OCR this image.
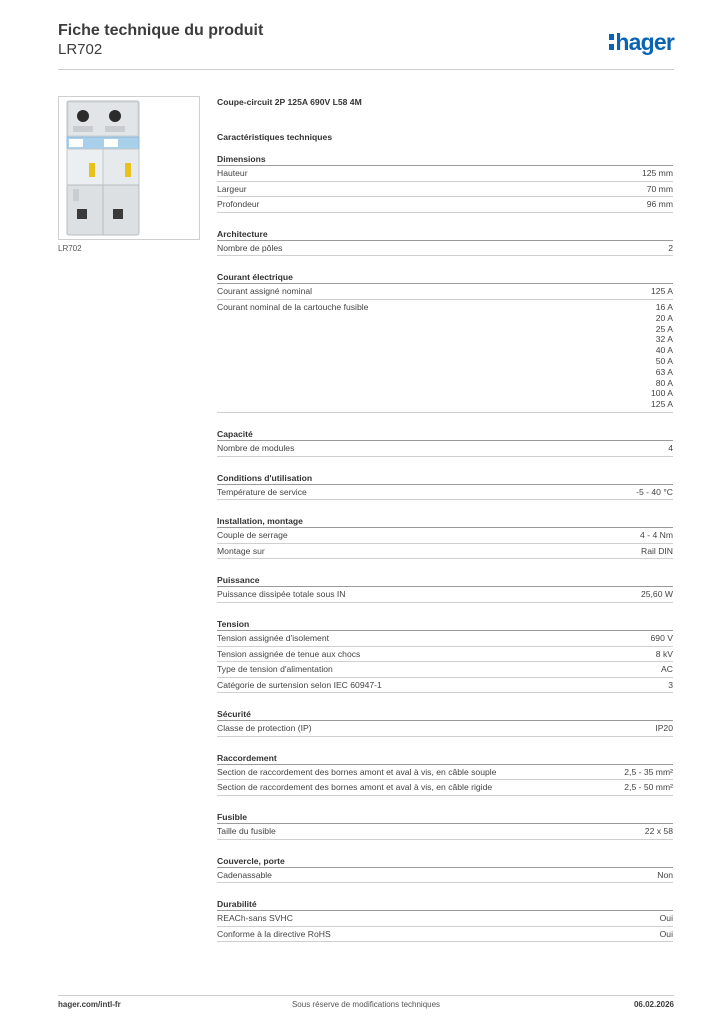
Fiche technique du produit
LR702	hager
LR702
Coupe-circuit 2P 125A 690V L58 4M
Caractéristiques techniques
Dimensions
Hauteur	125 mm
Largeur	70 mm
Profondeur	96 mm
Architecture
Nombre de pôles	2
Courant électrique
Courant assigné nominal	125 A
Courant nominal de la cartouche fusible	16 A
20 A
25 A
32 A
40 A
50 A
63 A
80 A
100 A
125 A
Capacité
Nombre de modules	4
Conditions d'utilisation
Température de service	-5 - 40 °C
Installation, montage
Couple de serrage	4 - 4 Nm
Montage sur	Rail DIN
Puissance
Puissance dissipée totale sous IN	25,60 W
Tension
Tension assignée d'isolement	690 V
Tension assignée de tenue aux chocs	8 kV
Type de tension d'alimentation	AC
Catégorie de surtension selon IEC 60947-1	3
Sécurité
Classe de protection (IP)	IP20
Raccordement
Section de raccordement des bornes amont et aval à vis, en câble souple	2,5 - 35 mm²
Section de raccordement des bornes amont et aval à vis, en câble rigide	2,5 - 50 mm²
Fusible
Taille du fusible	22 x 58
Couvercle, porte
Cadenassable	Non
Durabilité
REACh-sans SVHC	Oui
Conforme à la directive RoHS	Oui
hager.com/intl-fr	Sous réserve de modifications techniques	06.02.2026
